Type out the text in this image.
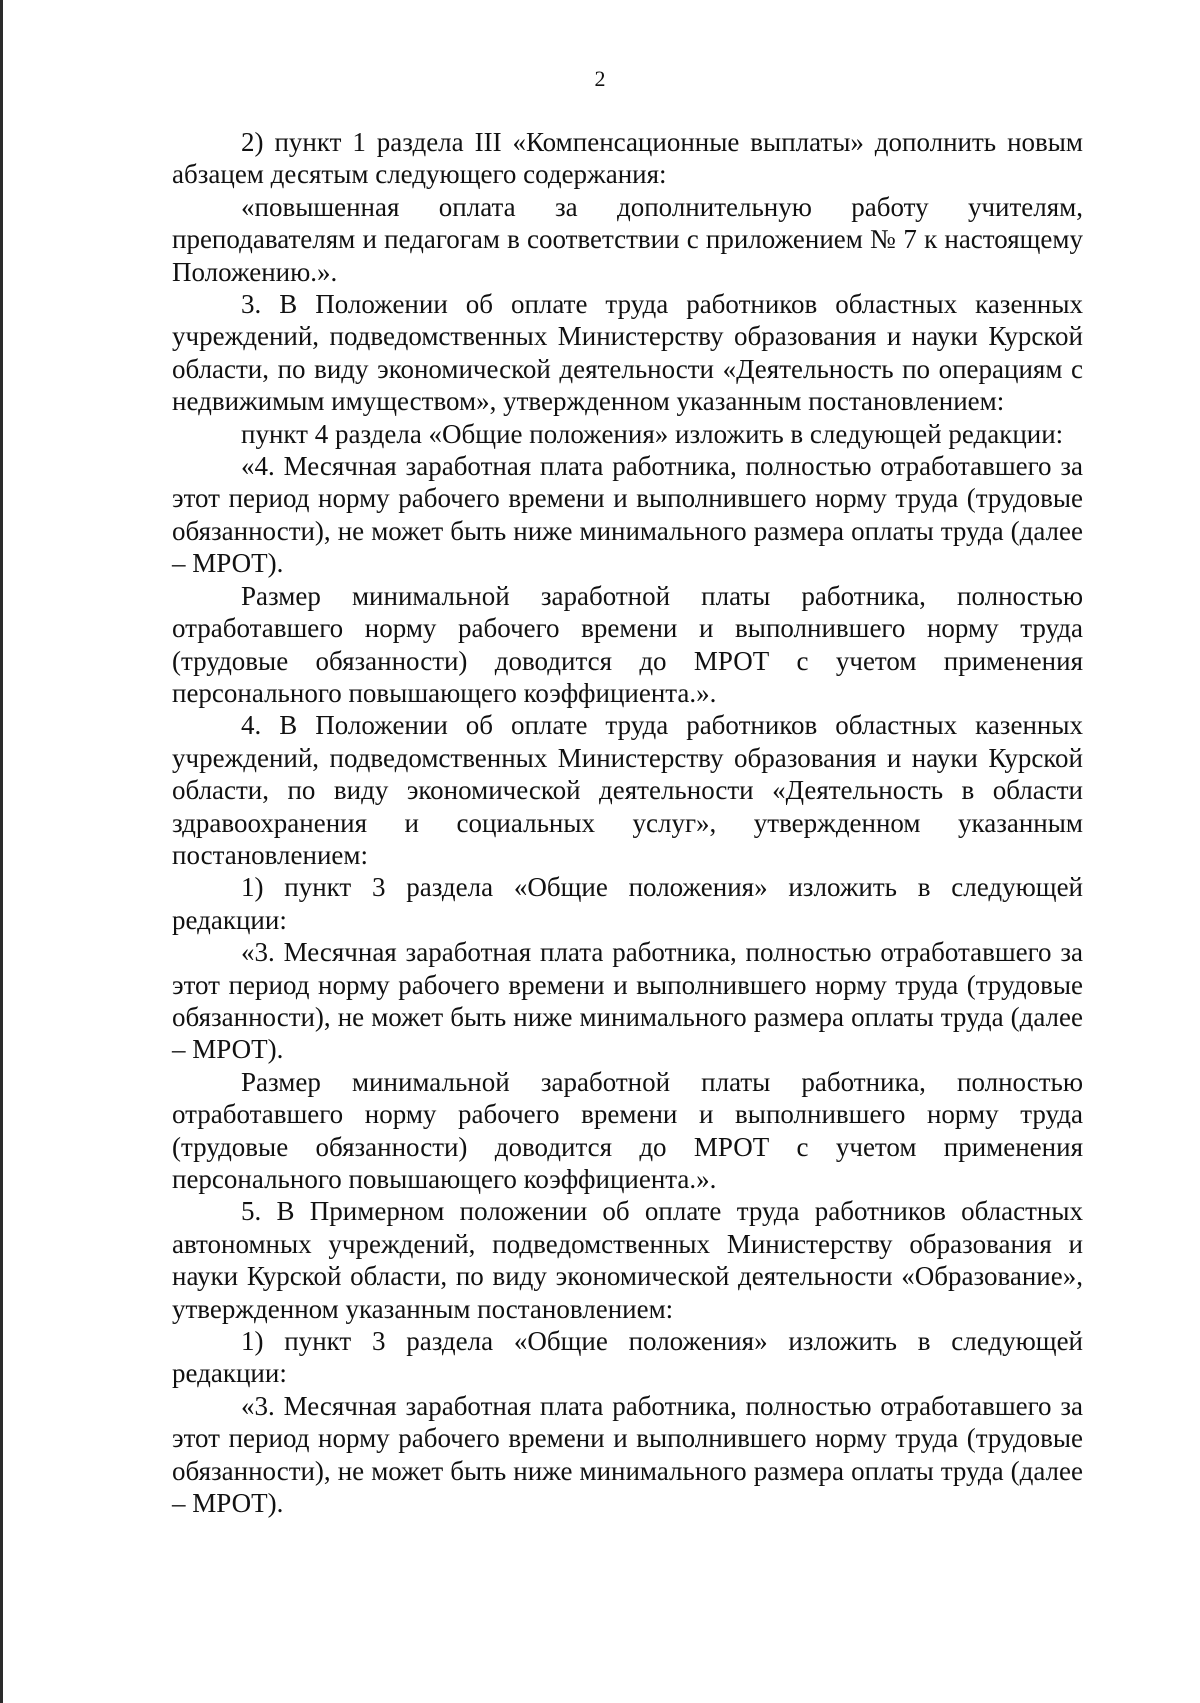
2

2) пункт 1 раздела III «Компенсационные выплаты» дополнить новым абзацем десятым следующего содержания:

«повышенная оплата за дополнительную работу учителям, преподавателям и педагогам в соответствии с приложением № 7 к настоящему Положению.».

3. В Положении об оплате труда работников областных казенных учреждений, подведомственных Министерству образования и науки Курской области, по виду экономической деятельности «Деятельность по операциям с недвижимым имуществом», утвержденном указанным постановлением:

пункт 4 раздела «Общие положения» изложить в следующей редакции:

«4. Месячная заработная плата работника, полностью отработавшего за этот период норму рабочего времени и выполнившего норму труда (трудовые обязанности), не может быть ниже минимального размера оплаты труда (далее – МРОТ).

Размер минимальной заработной платы работника, полностью отработавшего норму рабочего времени и выполнившего норму труда (трудовые обязанности) доводится до МРОТ с учетом применения персонального повышающего коэффициента.».

4. В Положении об оплате труда работников областных казенных учреждений, подведомственных Министерству образования и науки Курской области, по виду экономической деятельности «Деятельность в области здравоохранения и социальных услуг», утвержденном указанным постановлением:

1) пункт 3 раздела «Общие положения» изложить в следующей редакции:

«3. Месячная заработная плата работника, полностью отработавшего за этот период норму рабочего времени и выполнившего норму труда (трудовые обязанности), не может быть ниже минимального размера оплаты труда (далее – МРОТ).

Размер минимальной заработной платы работника, полностью отработавшего норму рабочего времени и выполнившего норму труда (трудовые обязанности) доводится до МРОТ с учетом применения персонального повышающего коэффициента.».

5. В Примерном положении об оплате труда работников областных автономных учреждений, подведомственных Министерству образования и науки Курской области, по виду экономической деятельности «Образование», утвержденном указанным постановлением:

1) пункт 3 раздела «Общие положения» изложить в следующей редакции:

«3. Месячная заработная плата работника, полностью отработавшего за этот период норму рабочего времени и выполнившего норму труда (трудовые обязанности), не может быть ниже минимального размера оплаты труда (далее – МРОТ).
